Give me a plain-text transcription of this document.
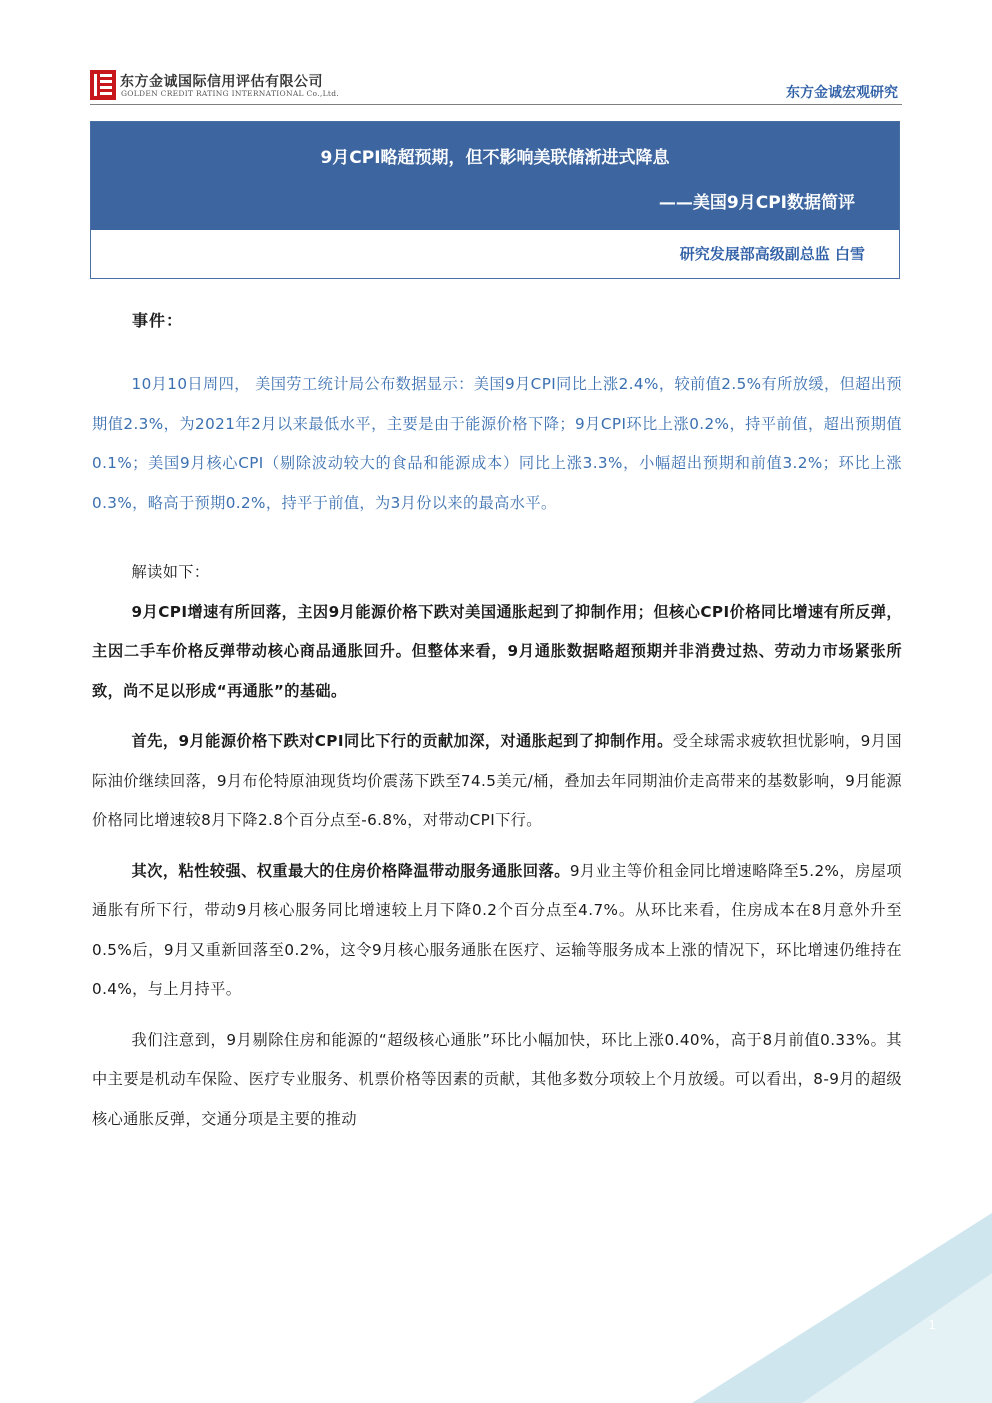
东方金诚国际信用评估有限公司
GOLDEN CREDIT RATING INTERNATIONAL Co.,Ltd.	东方金诚宏观研究
9月CPI略超预期，但不影响美联储渐进式降息
——美国9月CPI数据简评
研究发展部高级副总监 白雪
事件：

10月10日周四， 美国劳工统计局公布数据显示：美国9月CPI同比上涨2.4%，较前值2.5%有所放缓，但超出预期值2.3%，为2021年2月以来最低水平，主要是由于能源价格下降；9月CPI环比上涨0.2%，持平前值，超出预期值0.1%；美国9月核心CPI（剔除波动较大的食品和能源成本）同比上涨3.3%，小幅超出预期和前值3.2%；环比上涨0.3%，略高于预期0.2%，持平于前值，为3月份以来的最高水平。

解读如下：

9月CPI增速有所回落，主因9月能源价格下跌对美国通胀起到了抑制作用；但核心CPI价格同比增速有所反弹，主因二手车价格反弹带动核心商品通胀回升。但整体来看，9月通胀数据略超预期并非消费过热、劳动力市场紧张所致，尚不足以形成“再通胀”的基础。

首先，9月能源价格下跌对CPI同比下行的贡献加深，对通胀起到了抑制作用。受全球需求疲软担忧影响，9月国际油价继续回落，9月布伦特原油现货均价震荡下跌至74.5美元/桶，叠加去年同期油价走高带来的基数影响，9月能源价格同比增速较8月下降2.8个百分点至-6.8%，对带动CPI下行。

其次，粘性较强、权重最大的住房价格降温带动服务通胀回落。9月业主等价租金同比增速略降至5.2%，房屋项通胀有所下行，带动9月核心服务同比增速较上月下降0.2个百分点至4.7%。从环比来看，住房成本在8月意外升至0.5%后，9月又重新回落至0.2%，这令9月核心服务通胀在医疗、运输等服务成本上涨的情况下，环比增速仍维持在0.4%，与上月持平。

我们注意到，9月剔除住房和能源的“超级核心通胀”环比小幅加快，环比上涨0.40%，高于8月前值0.33%。其中主要是机动车保险、医疗专业服务、机票价格等因素的贡献，其他多数分项较上个月放缓。可以看出，8-9月的超级核心通胀反弹，交通分项是主要的推动

1
